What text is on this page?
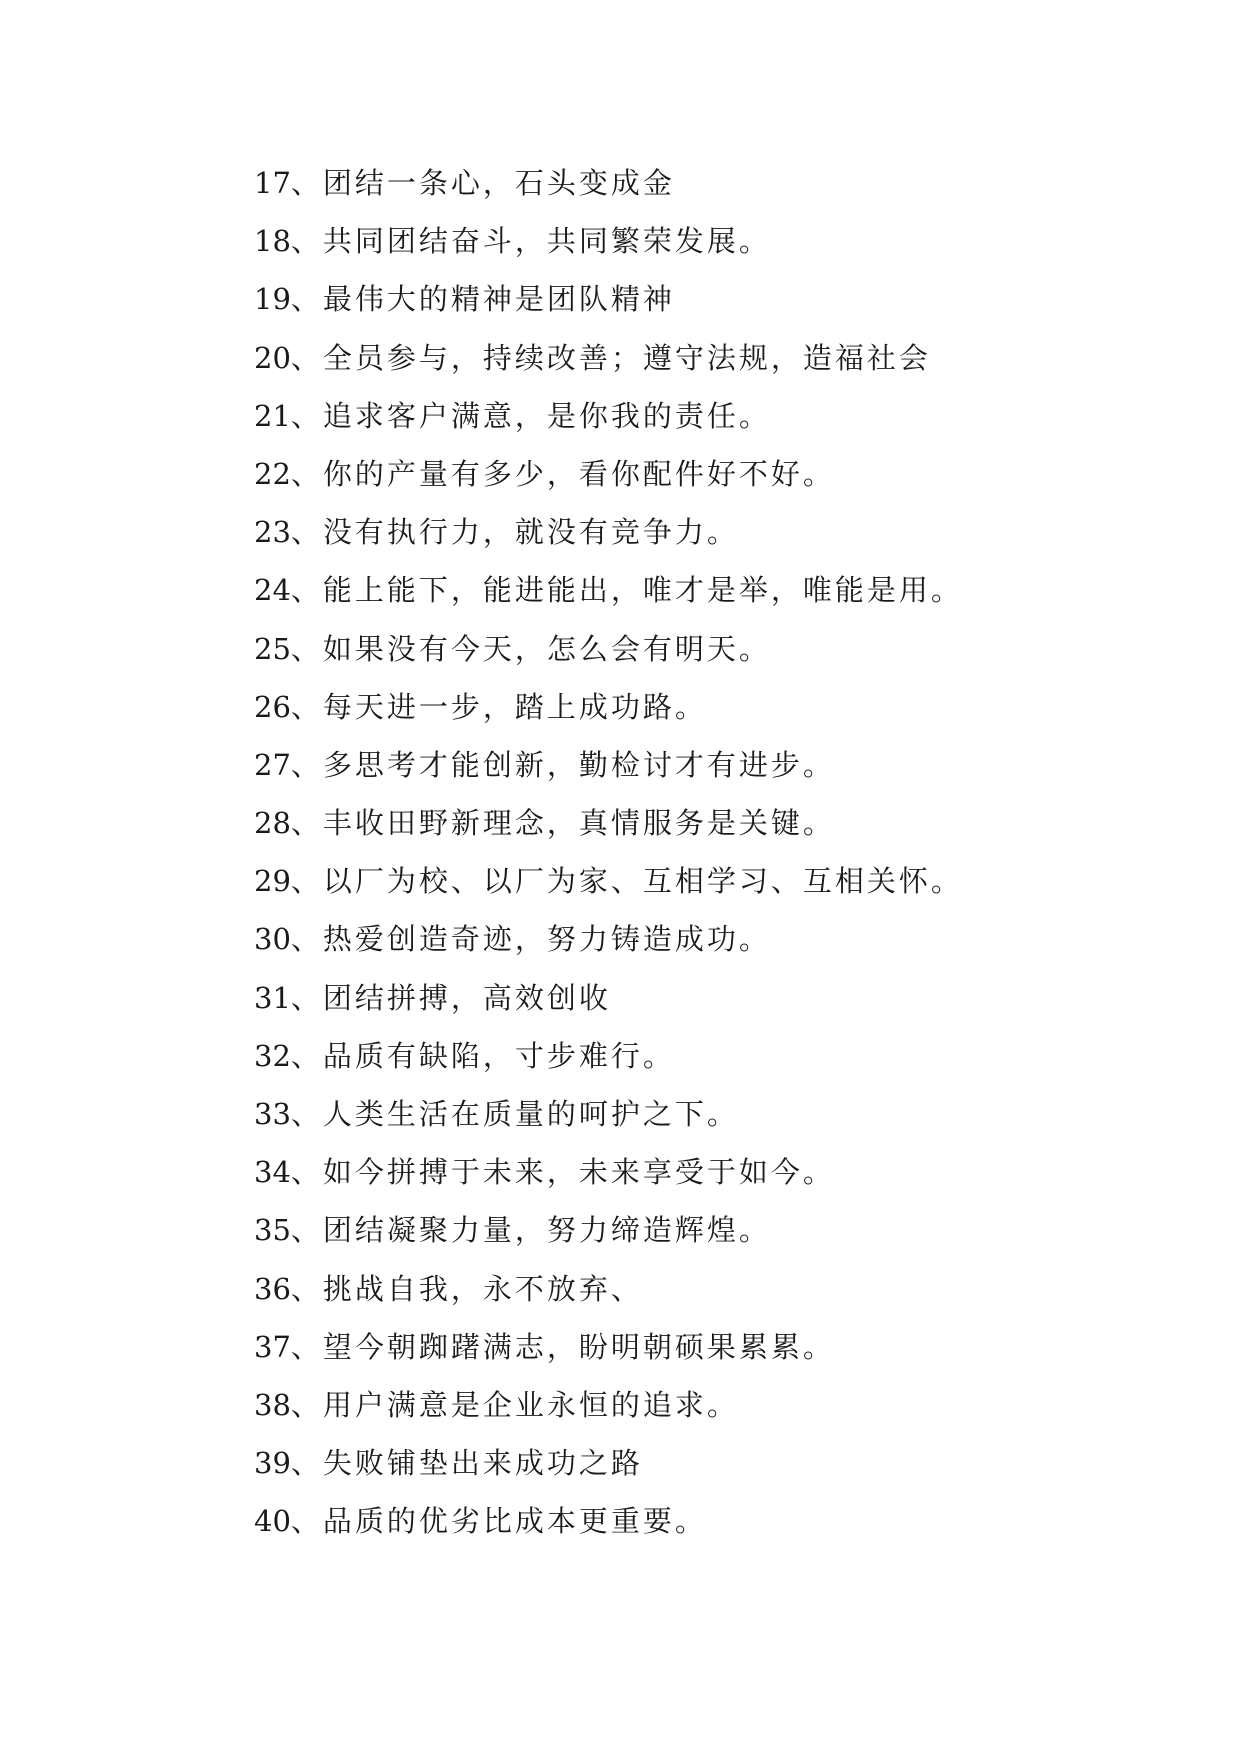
17、团结一条心，石头变成金
18、共同团结奋斗，共同繁荣发展。
19、最伟大的精神是团队精神
20、全员参与，持续改善；遵守法规，造福社会
21、追求客户满意，是你我的责任。
22、你的产量有多少，看你配件好不好。
23、没有执行力，就没有竞争力。
24、能上能下，能进能出，唯才是举，唯能是用。
25、如果没有今天，怎么会有明天。
26、每天进一步，踏上成功路。
27、多思考才能创新，勤检讨才有进步。
28、丰收田野新理念，真情服务是关键。
29、以厂为校、以厂为家、互相学习、互相关怀。
30、热爱创造奇迹，努力铸造成功。
31、团结拼搏，高效创收
32、品质有缺陷，寸步难行。
33、人类生活在质量的呵护之下。
34、如今拼搏于未来，未来享受于如今。
35、团结凝聚力量，努力缔造辉煌。
36、挑战自我，永不放弃、
37、望今朝踟躇满志，盼明朝硕果累累。
38、用户满意是企业永恒的追求。
39、失败铺垫出来成功之路
40、品质的优劣比成本更重要。
